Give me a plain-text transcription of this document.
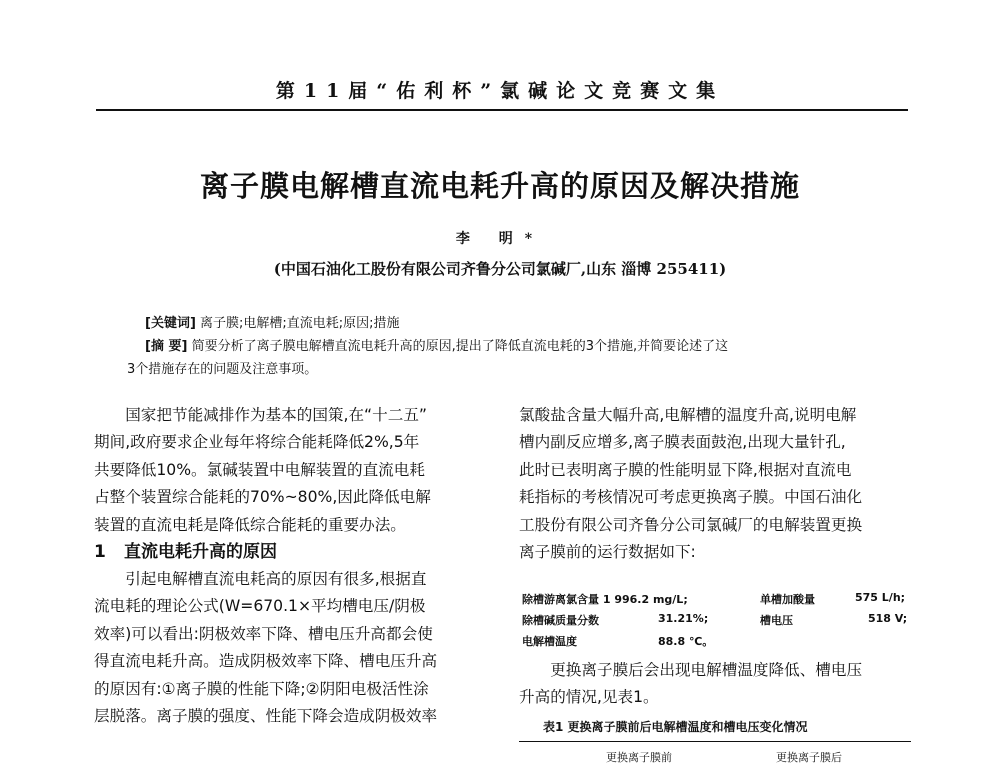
第11届“佑利杯”氯碱论文竞赛文集
离子膜电解槽直流电耗升高的原因及解决措施
李 明*
(中国石油化工股份有限公司齐鲁分公司氯碱厂,山东 淄博 255411)
[关键词] 离子膜;电解槽;直流电耗;原因;措施
[摘 要] 简要分析了离子膜电解槽直流电耗升高的原因,提出了降低直流电耗的3个措施,并简要论述了这
3个措施存在的问题及注意事项。

国家把节能减排作为基本的国策,在“十二五”

期间,政府要求企业每年将综合能耗降低2%,5年

共要降低10%。氯碱装置中电解装置的直流电耗

占整个装置综合能耗的70%~80%,因此降低电解

装置的直流电耗是降低综合能耗的重要办法。

1 直流电耗升高的原因

引起电解槽直流电耗高的原因有很多,根据直

流电耗的理论公式(W=670.1×平均槽电压/阴极

效率)可以看出:阴极效率下降、槽电压升高都会使

得直流电耗升高。造成阴极效率下降、槽电压升高

的原因有:①离子膜的性能下降;②阴阳电极活性涂

层脱落。离子膜的强度、性能下降会造成阴极效率

氯酸盐含量大幅升高,电解槽的温度升高,说明电解

槽内副反应增多,离子膜表面鼓泡,出现大量针孔,

此时已表明离子膜的性能明显下降,根据对直流电

耗指标的考核情况可考虑更换离子膜。中国石油化

工股份有限公司齐鲁分公司氯碱厂的电解装置更换

离子膜前的运行数据如下:

除槽游离氯含量 1 996.2 mg/L;	单槽加酸量	575 L/h;
除槽碱质量分数	31.21%;	槽电压	518 V;
电解槽温度	88.8 ℃。

更换离子膜后会出现电解槽温度降低、槽电压

升高的情况,见表1。

表1 更换离子膜前后电解槽温度和槽电压变化情况
更换离子膜前	更换离子膜后
